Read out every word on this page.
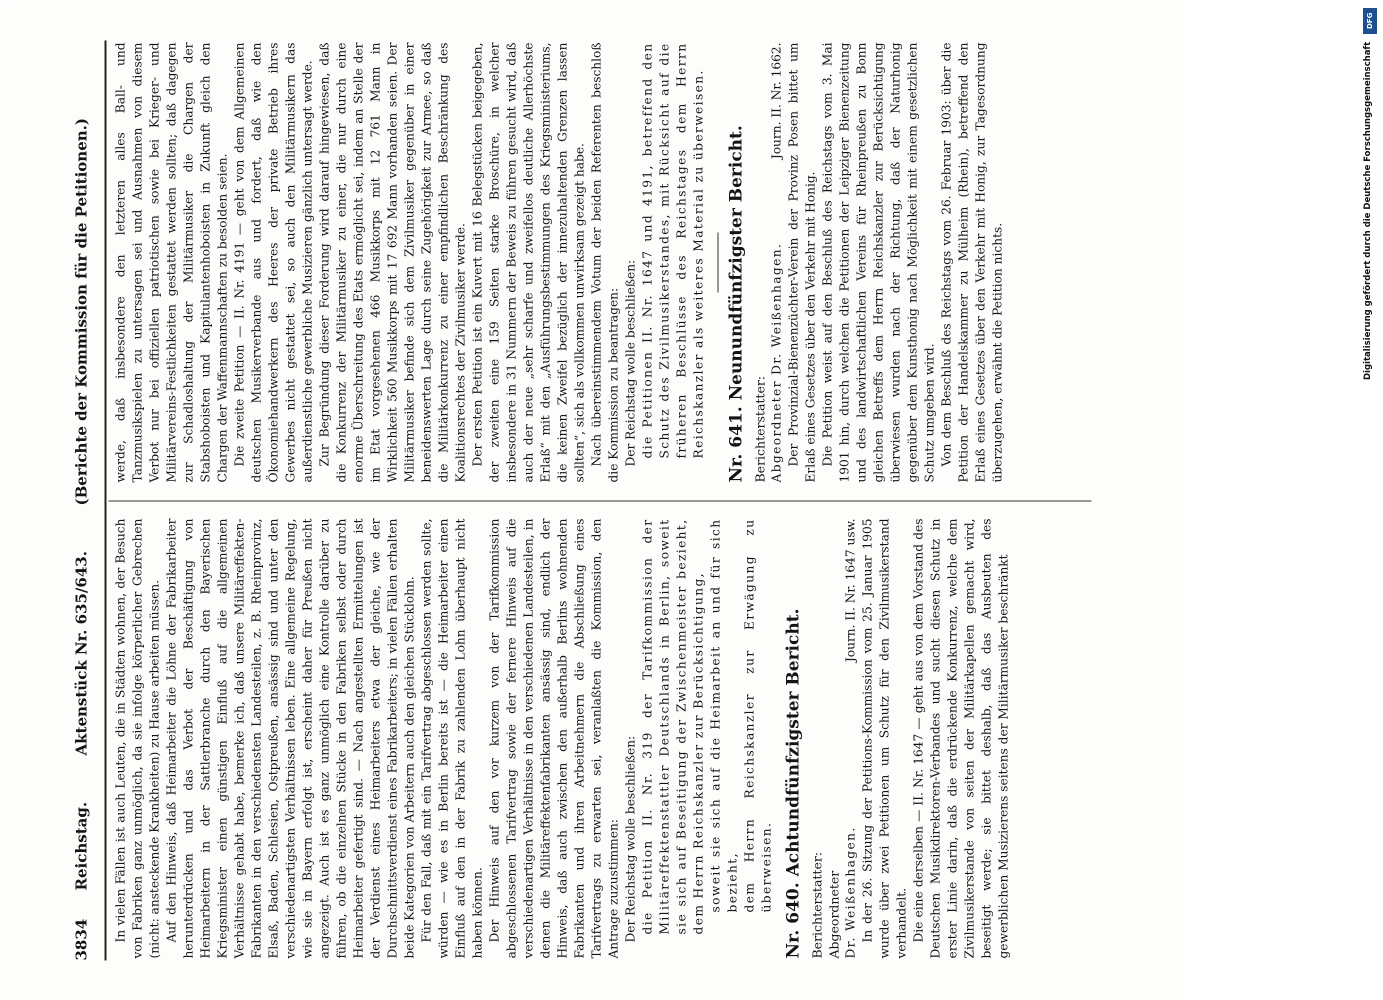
3834
Reichstag.
Aktenstück Nr. 635/643.
(Berichte der Kommission für die Petitionen.)

In vielen Fällen ist auch Leuten, die in Städten wohnen, der Besuch von Fabriken ganz unmöglich, da sie infolge körperlicher Gebrechen (nicht: ansteckende Krankheiten) zu Hause arbeiten müssen. Auf den Hinweis, daß Heimarbeiter die Löhne der Fabrikarbeiter herunterdrücken und das Verbot der Beschäftigung von Heimarbeitern in der Sattlerbranche durch den Bayerischen Kriegsminister einen günstigen Einfluß auf die allgemeinen Verhältnisse gehabt habe, bemerke ich, daß unsere Militäreffekten-Fabrikanten in den verschiedensten Landesteilen, z. B. Rheinprovinz, Elsaß, Baden, Schlesien, Ostpreußen, ansässig sind und unter den verschiedenartigsten Verhältnissen leben. Eine allgemeine Regelung, wie sie in Bayern erfolgt ist, erscheint daher für Preußen nicht angezeigt. Auch ist es ganz unmöglich eine Kontrolle darüber zu führen, ob die einzelnen Stücke in den Fabriken selbst oder durch Heimarbeiter gefertigt sind. — Nach angestellten Ermittelungen ist der Verdienst eines Heimarbeiters etwa der gleiche, wie der Durchschnittsverdienst eines Fabrikarbeiters; in vielen Fällen erhalten beide Kategorien von Arbeitern auch den gleichen Stücklohn. Für den Fall, daß mit ein Tarifvertrag abgeschlossen werden sollte, würden — wie es in Berlin bereits ist — die Heimarbeiter einen Einfluß auf den in der Fabrik zu zahlenden Lohn überhaupt nicht haben können. Der Hinweis auf den vor kurzem von der Tarifkommission abgeschlossenen Tarifvertrag sowie der fernere Hinweis auf die verschiedenartigen Verhältnisse in den verschiedenen Landesteilen, in denen die Militäreffektenfabrikanten ansässig sind, endlich der Hinweis, daß auch zwischen den außerhalb Berlins wohnenden Fabrikanten und ihren Arbeitnehmern die Abschließung eines Tarifvertrags zu erwarten sei, veranlaßten die Kommission, den Antrage zuzustimmen: Der Reichstag wolle beschließen: die Petition II. Nr. 319 der Tarifkommission der Militäreffektenstattler Deutschlands in Berlin, soweit sie sich auf Beseitigung der Zwischenmeister bezieht, dem Herrn Reichskanzler zur Berücksichtigung, soweit sie sich auf die Heimarbeit an und für sich bezieht, dem Herrn Reichskanzler zur Erwägung zu überweisen. Nr. 640. Achtundfünfzigster Bericht. Berichterstatter: Abgeordneter Dr. Weißenhagen.
Journ. II. Nr. 1647 usw. In der 26. Sitzung der Petitions-Kommission vom 25. Januar 1905 wurde über zwei Petitionen um Schutz für den Zivilmusikerstand verhandelt. Die eine derselben — II. Nr. 1647 — geht aus von dem Vorstand des Deutschen Musikdirektoren-Verbandes und sucht diesen Schutz in erster Linie darin, daß die erdrückende Konkurrenz, welche dem Zivilmusikerstande von seiten der Militärkapellen gemacht wird, beseitigt werde; sie bittet deshalb, daß das Ausbeuten des gewerblichen Musizierens seitens der Militärmusiker beschränkt

werde, daß insbesondere den letzteren alles Ball- und Tanzmusikspielen zu untersagen sei und Ausnahmen von diesem Verbot nur bei offiziellen patriotischen sowie bei Krieger- und Militärvereins-Festlichkeiten gestattet werden sollten; daß dagegen zur Schadloshaltung der Militärmusiker die Chargen der Stabshoboisten und Kapitulantenhoboisten in Zukunft gleich den Chargen der Waffenmannschaften zu besolden seien. Die zweite Petition — II. Nr. 4191 — geht von dem Allgemeinen deutschen Musikerverbande aus und fordert, daß wie den Ökonomiehandwerkern des Heeres der private Betrieb ihres Gewerbes nicht gestattet sei, so auch den Militärmusikern das außerdienstliche gewerbliche Musizieren gänzlich untersagt werde. Zur Begründung dieser Forderung wird darauf hingewiesen, daß die Konkurrenz der Militärmusiker zu einer, die nur durch eine enorme Überschreitung des Etats ermöglicht sei, indem an Stelle der im Etat vorgesehenen 466 Musikkorps mit 12 761 Mann in Wirklichkeit 560 Musikkorps mit 17 692 Mann vorhanden seien. Der Militärmusiker befinde sich dem Zivilmusiker gegenüber in einer beneidenswerten Lage durch seine Zugehörigkeit zur Armee, so daß die Militärkonkurrenz zu einer empfindlichen Beschränkung des Koalitionsrechtes der Zivilmusiker werde. Der ersten Petition ist ein Kuvert mit 16 Belegstücken beigegeben, der zweiten eine 159 Seiten starke Broschüre, in welcher insbesondere in 31 Nummern der Beweis zu führen gesucht wird, daß auch der neue „sehr scharfe und zweifellos deutliche Allerhöchste Erlaß“ mit den „Ausführungsbestimmungen des Kriegsministeriums, die keinen Zweifel bezüglich der innezuhaltenden Grenzen lassen sollten“, sich als vollkommen unwirksam gezeigt habe. Nach übereinstimmendem Votum der beiden Referenten beschloß die Kommission zu beantragen: Der Reichstag wolle beschließen: die Petitionen II. Nr. 1647 und 4191, betreffend den Schutz des Zivilmusikerstandes, mit Rücksicht auf die früheren Beschlüsse des Reichstages dem Herrn Reichskanzler als weiteres Material zu überweisen. Nr. 641. Neunundfünfzigster Bericht. Berichterstatter: Abgeordneter Dr. Weißenhagen.
Journ. II. Nr. 1662. Der Provinzial-Bienenzüchter-Verein der Provinz Posen bittet um Erlaß eines Gesetzes über den Verkehr mit Honig. Die Petition weist auf den Beschluß des Reichstags vom 3. Mai 1901 hin, durch welchen die Petitionen der Leipziger Bienenzeitung und des landwirtschaftlichen Vereins für Rheinpreußen zu Bonn gleichen Betreffs dem Herrn Reichskanzler zur Berücksichtigung überwiesen wurden nach der Richtung, daß der Naturhonig gegenüber dem Kunsthonig nach Möglichkeit mit einem gesetzlichen Schutz umgeben wird. Von dem Beschluß des Reichstags vom 26. Februar 1903: über die Petition der Handelskammer zu Mülheim (Rhein), betreffend den Erlaß eines Gesetzes über den Verkehr mit Honig, zur Tagesordnung überzugehen, erwähnt die Petition nichts.

DFG
Digitalisierung gefördert durch die Deutsche Forschungsgemeinschaft
